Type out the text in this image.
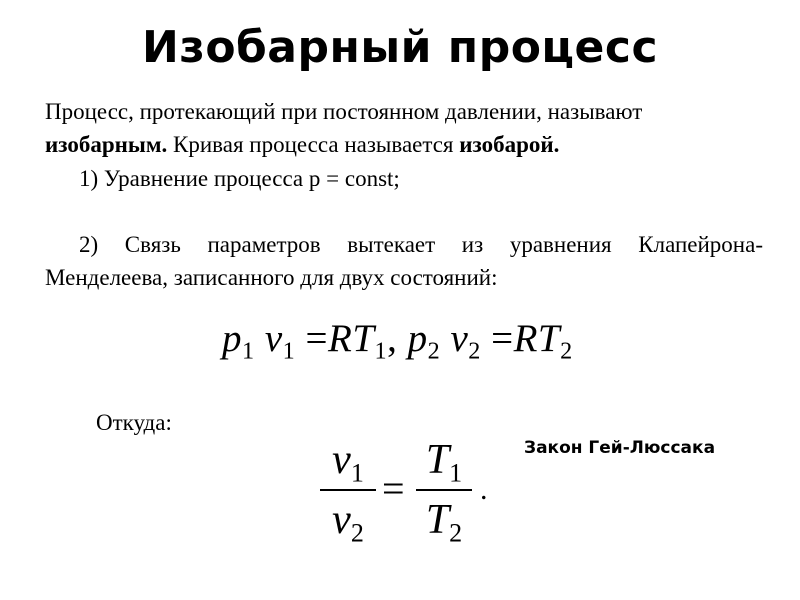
Изобарный процесс
Процесс, протекающий при постоянном давлении, называют
изобарным. Кривая процесса называется изобарой.
1) Уравнение процесса p = const;
2) Связь параметров вытекает из уравнения Клапейрона-
Менделеева, записанного для двух состояний:
$p_1$ $v_1 =RT_1$, $p_2$ $v_2 =RT_2$
Откуда:
Закон Гей-Люссака
$v_1$
$v_2$
=
$T_1$
$T_2$
.
